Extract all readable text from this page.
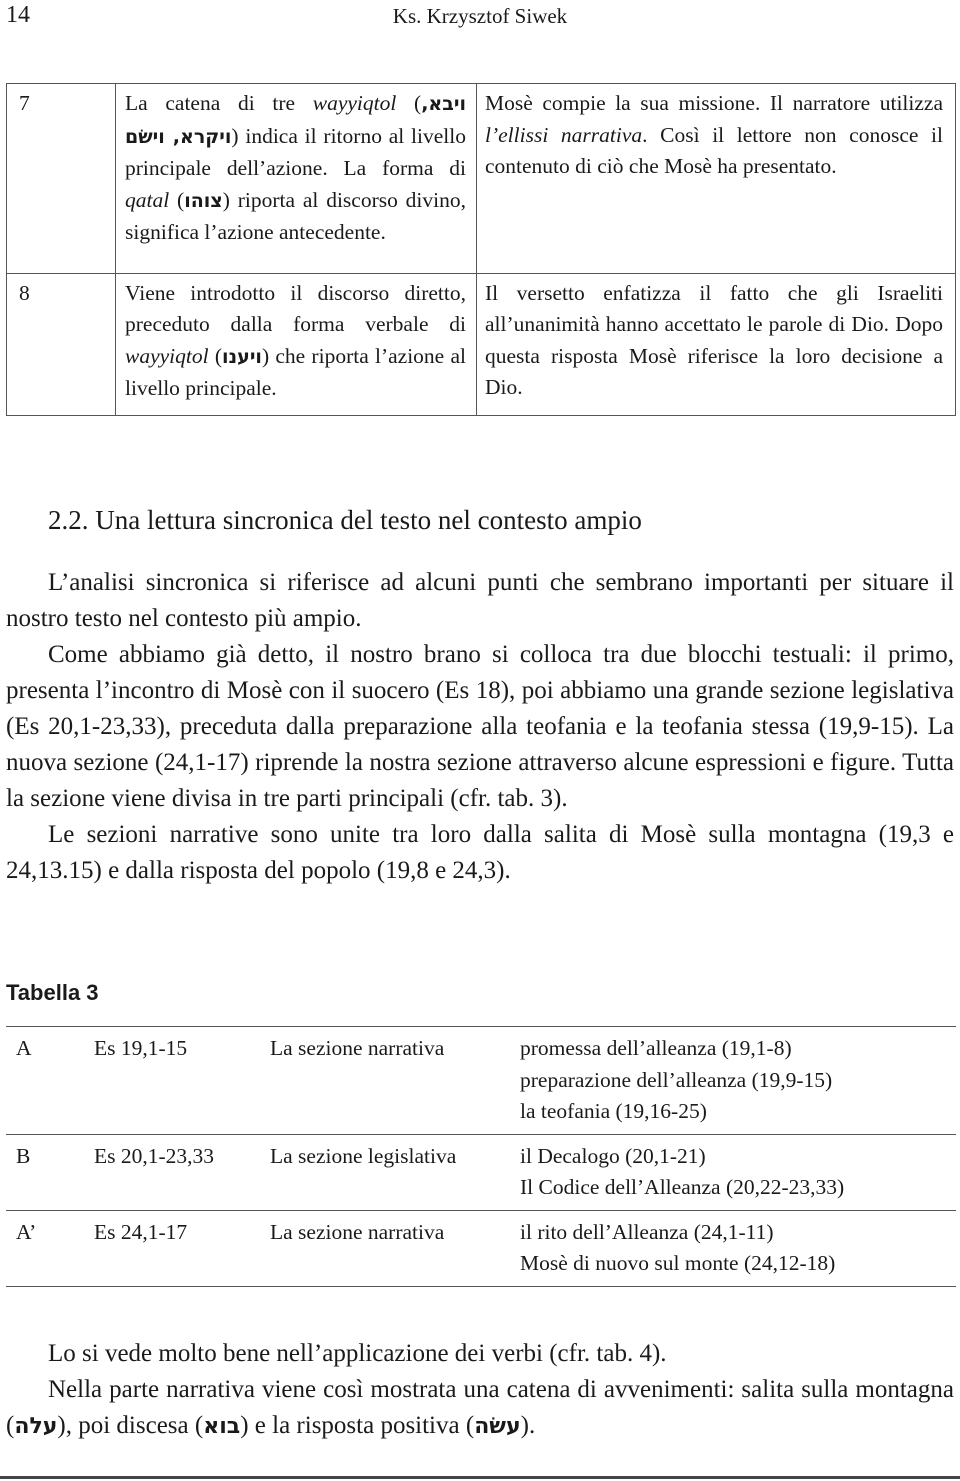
14	Ks. Krzysztof Siwek
7	La catena di tre wayyiqtol (ויבא, ויקרא, וישׂם) indica il ritorno al livello principale dell’azione. La forma di qatal (צוהו) riporta al discorso divino, significa l’azione antecedente.	Mosè compie la sua missione. Il narratore utilizza l’ellissi narrativa. Così il lettore non conosce il contenuto di ciò che Mosè ha presentato.

8	Viene introdotto il discorso diretto, preceduto dalla forma verbale di wayyiqtol (ויענו) che riporta l’azione al livello principale.	Il versetto enfatizza il fatto che gli Israeliti all’unanimità hanno accettato le parole di Dio. Dopo questa risposta Mosè riferisce la loro decisione a Dio.
2.2. Una lettura sincronica del testo nel contesto ampio

L’analisi sincronica si riferisce ad alcuni punti che sembrano importanti per situare il nostro testo nel contesto più ampio.

Come abbiamo già detto, il nostro brano si colloca tra due blocchi testuali: il primo, presenta l’incontro di Mosè con il suocero (Es 18), poi abbiamo una grande sezione legislativa (Es 20,1-23,33), preceduta dalla preparazione alla teofania e la teofania stessa (19,9-15). La nuova sezione (24,1-17) riprende la nostra sezione attraverso alcune espressioni e figure. Tutta la sezione viene divisa in tre parti principali (cfr. tab. 3).

Le sezioni narrative sono unite tra loro dalla salita di Mosè sulla montagna (19,3 e 24,13.15) e dalla risposta del popolo (19,8 e 24,3).

Tabella 3
A	Es 19,1-15	La sezione narrativa	promessa dell’alleanza (19,1-8)
preparazione dell’alleanza (19,9-15)
la teofania (19,16-25)

B	Es 20,1-23,33	La sezione legislativa	il Decalogo (20,1-21)
Il Codice dell’Alleanza (20,22-23,33)

A’	Es 24,1-17	La sezione narrativa	il rito dell’Alleanza (24,1-11)
Mosè di nuovo sul monte (24,12-18)

Lo si vede molto bene nell’applicazione dei verbi (cfr. tab. 4).

Nella parte narrativa viene così mostrata una catena di avvenimenti: salita sulla montagna (עלה), poi discesa (בוא) e la risposta positiva (עשׂה).
